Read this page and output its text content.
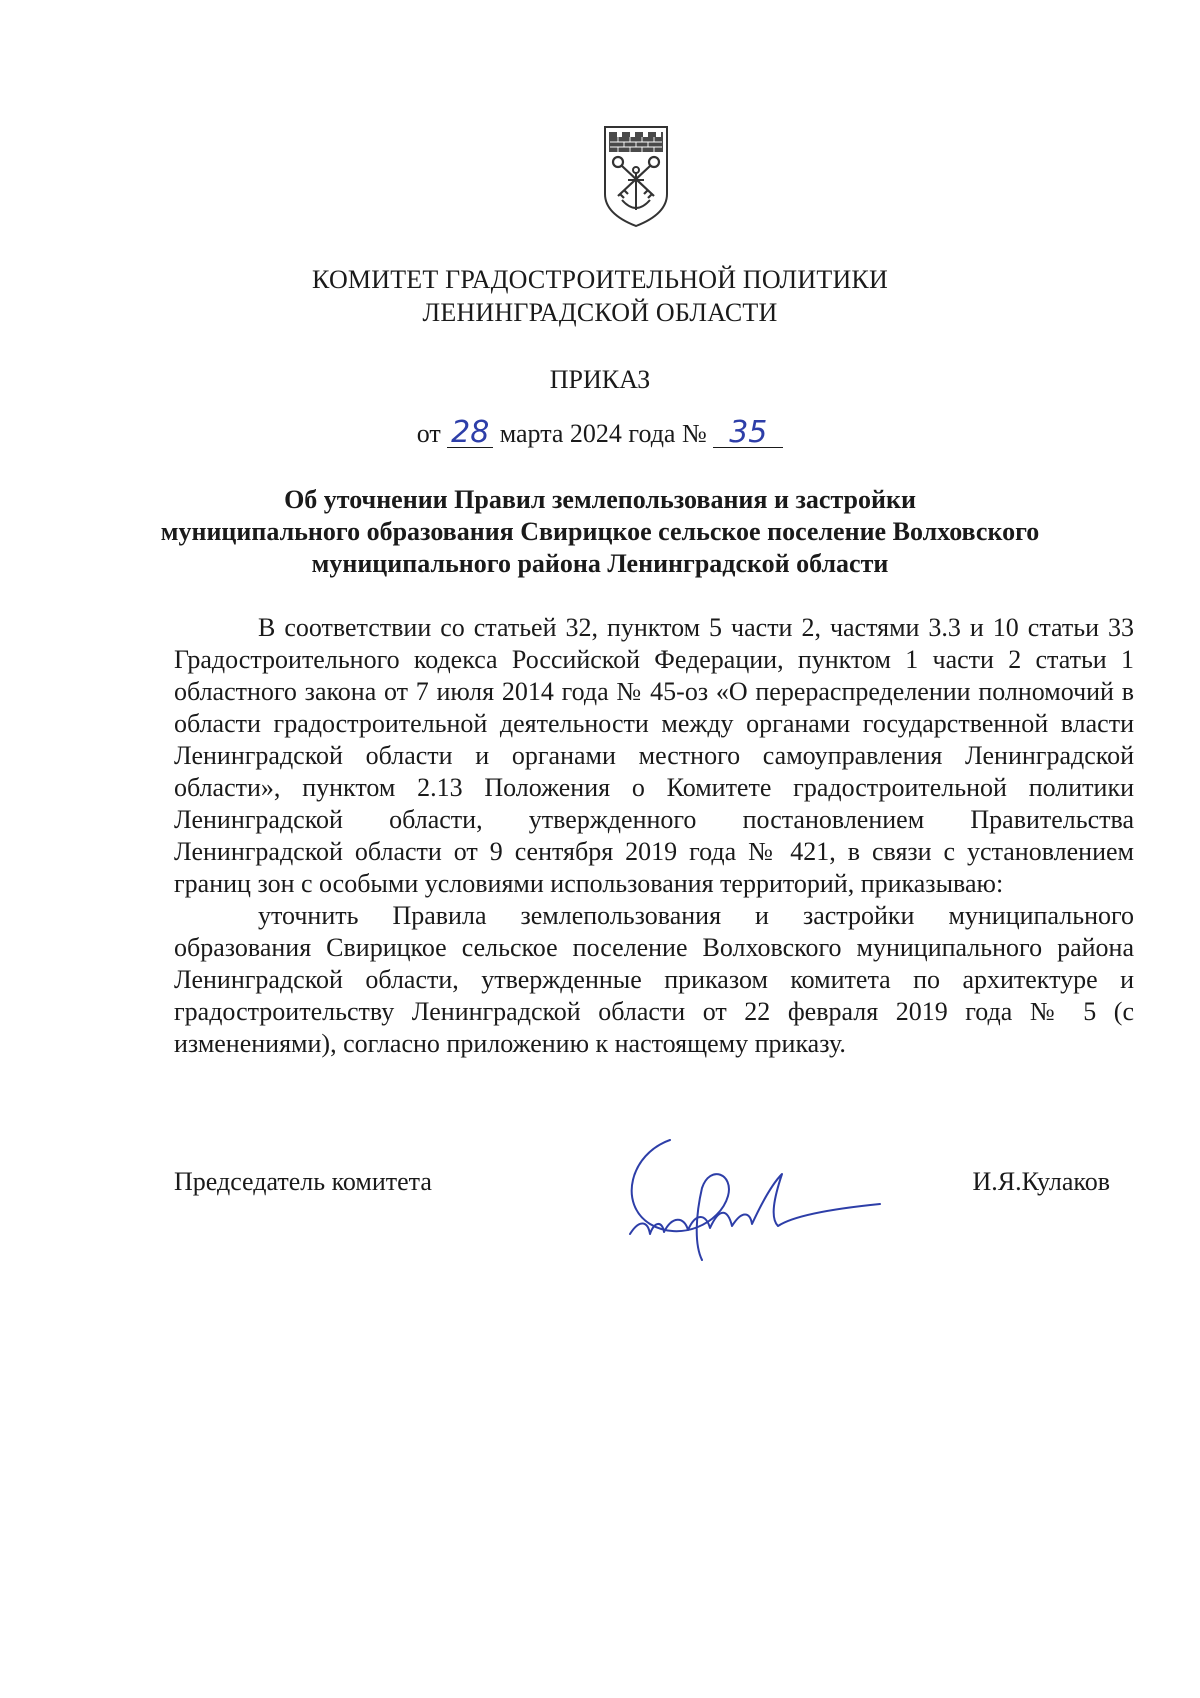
КОМИТЕТ ГРАДОСТРОИТЕЛЬНОЙ ПОЛИТИКИ
ЛЕНИНГРАДСКОЙ ОБЛАСТИ
ПРИКАЗ
от 28 марта 2024 года № 35
Об уточнении Правил землепользования и застройки
муниципального образования Свирицкое сельское поселение Волховского
муниципального района Ленинградской области

В соответствии со статьей 32, пунктом 5 части 2, частями 3.3 и 10 статьи 33 Градостроительного кодекса Российской Федерации, пунктом 1 части 2 статьи 1 областного закона от 7 июля 2014 года № 45-оз «О перераспределении полномочий в области градостроительной деятельности между органами государственной власти Ленинградской области и органами местного самоуправления Ленинградской области», пунктом 2.13 Положения о Комитете градостроительной политики Ленинградской области, утвержденного постановлением Правительства Ленинградской области от 9 сентября 2019 года № 421, в связи с установлением границ зон с особыми условиями использования территорий, приказываю:

уточнить Правила землепользования и застройки муниципального образования Свирицкое сельское поселение Волховского муниципального района Ленинградской области, утвержденные приказом комитета по архитектуре и градостроительству Ленинградской области от 22 февраля 2019 года № 5 (с изменениями), согласно приложению к настоящему приказу.

Председатель комитета	И.Я.Кулаков
